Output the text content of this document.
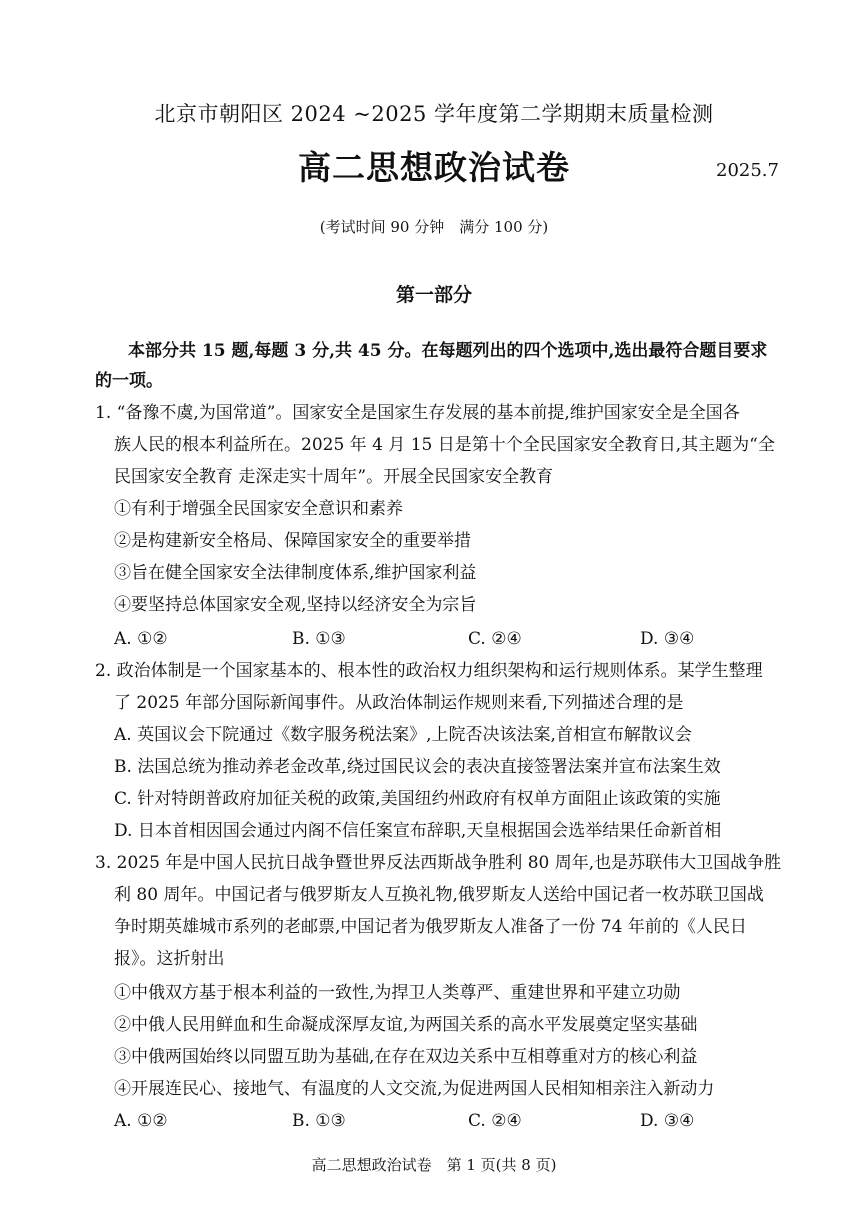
北京市朝阳区 2024 ~2025 学年度第二学期期末质量检测
高二思想政治试卷	2025.7
(考试时间 90 分钟　满分 100 分)
第一部分
本部分共 15 题,每题 3 分,共 45 分。在每题列出的四个选项中,选出最符合题目要求
的一项。
1. “备豫不虞,为国常道”。国家安全是国家生存发展的基本前提,维护国家安全是全国各
族人民的根本利益所在。2025 年 4 月 15 日是第十个全民国家安全教育日,其主题为“全
民国家安全教育 走深走实十周年”。开展全民国家安全教育
①有利于增强全民国家安全意识和素养
②是构建新安全格局、保障国家安全的重要举措
③旨在健全国家安全法律制度体系,维护国家利益
④要坚持总体国家安全观,坚持以经济安全为宗旨
A. ①②	B. ①③	C. ②④	D. ③④
2. 政治体制是一个国家基本的、根本性的政治权力组织架构和运行规则体系。某学生整理
了 2025 年部分国际新闻事件。从政治体制运作规则来看,下列描述合理的是
A. 英国议会下院通过《数字服务税法案》,上院否决该法案,首相宣布解散议会
B. 法国总统为推动养老金改革,绕过国民议会的表决直接签署法案并宣布法案生效
C. 针对特朗普政府加征关税的政策,美国纽约州政府有权单方面阻止该政策的实施
D. 日本首相因国会通过内阁不信任案宣布辞职,天皇根据国会选举结果任命新首相
3. 2025 年是中国人民抗日战争暨世界反法西斯战争胜利 80 周年,也是苏联伟大卫国战争胜
利 80 周年。中国记者与俄罗斯友人互换礼物,俄罗斯友人送给中国记者一枚苏联卫国战
争时期英雄城市系列的老邮票,中国记者为俄罗斯友人准备了一份 74 年前的《人民日
报》。这折射出
①中俄双方基于根本利益的一致性,为捍卫人类尊严、重建世界和平建立功勋
②中俄人民用鲜血和生命凝成深厚友谊,为两国关系的高水平发展奠定坚实基础
③中俄两国始终以同盟互助为基础,在存在双边关系中互相尊重对方的核心利益
④开展连民心、接地气、有温度的人文交流,为促进两国人民相知相亲注入新动力
A. ①②	B. ①③	C. ②④	D. ③④
高二思想政治试卷　第 1 页(共 8 页)
